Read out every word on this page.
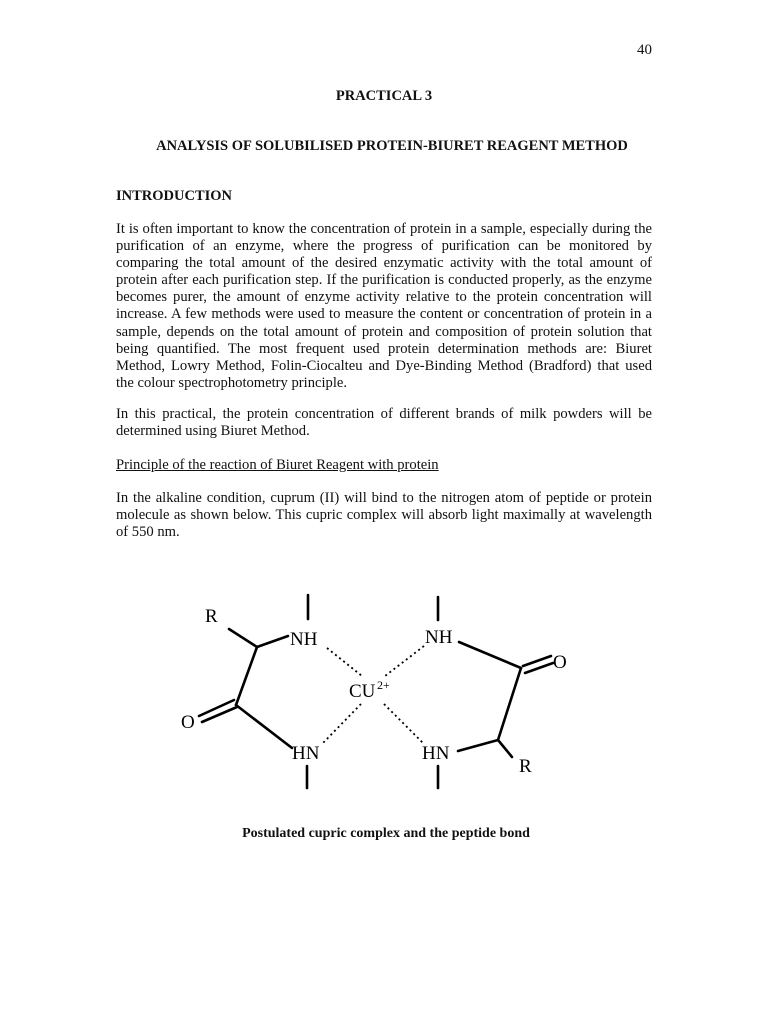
40
PRACTICAL 3
ANALYSIS OF SOLUBILISED PROTEIN-BIURET REAGENT METHOD
INTRODUCTION

It is often important to know the concentration of protein in a sample, especially during the purification of an enzyme, where the progress of purification can be monitored by comparing the total amount of the desired enzymatic activity with the total amount of protein after each purification step. If the purification is conducted properly, as the enzyme becomes purer, the amount of enzyme activity relative to the protein concentration will increase. A few methods were used to measure the content or concentration of protein in a sample, depends on the total amount of protein and composition of protein solution that being quantified. The most frequent used protein determination methods are: Biuret Method, Lowry Method, Folin-Ciocalteu and Dye-Binding Method (Bradford) that used the colour spectrophotometry principle.

In this practical, the protein concentration of different brands of milk powders will be determined using Biuret Method.

Principle of the reaction of Biuret Reagent with protein

In the alkaline condition, cuprum (II) will bind to the nitrogen atom of peptide or protein molecule as shown below. This cupric complex will absorb light maximally at wavelength of 550 nm.

R
NH	NH
O
CU 2+
O
HN	HN
R
Postulated cupric complex and the peptide bond
